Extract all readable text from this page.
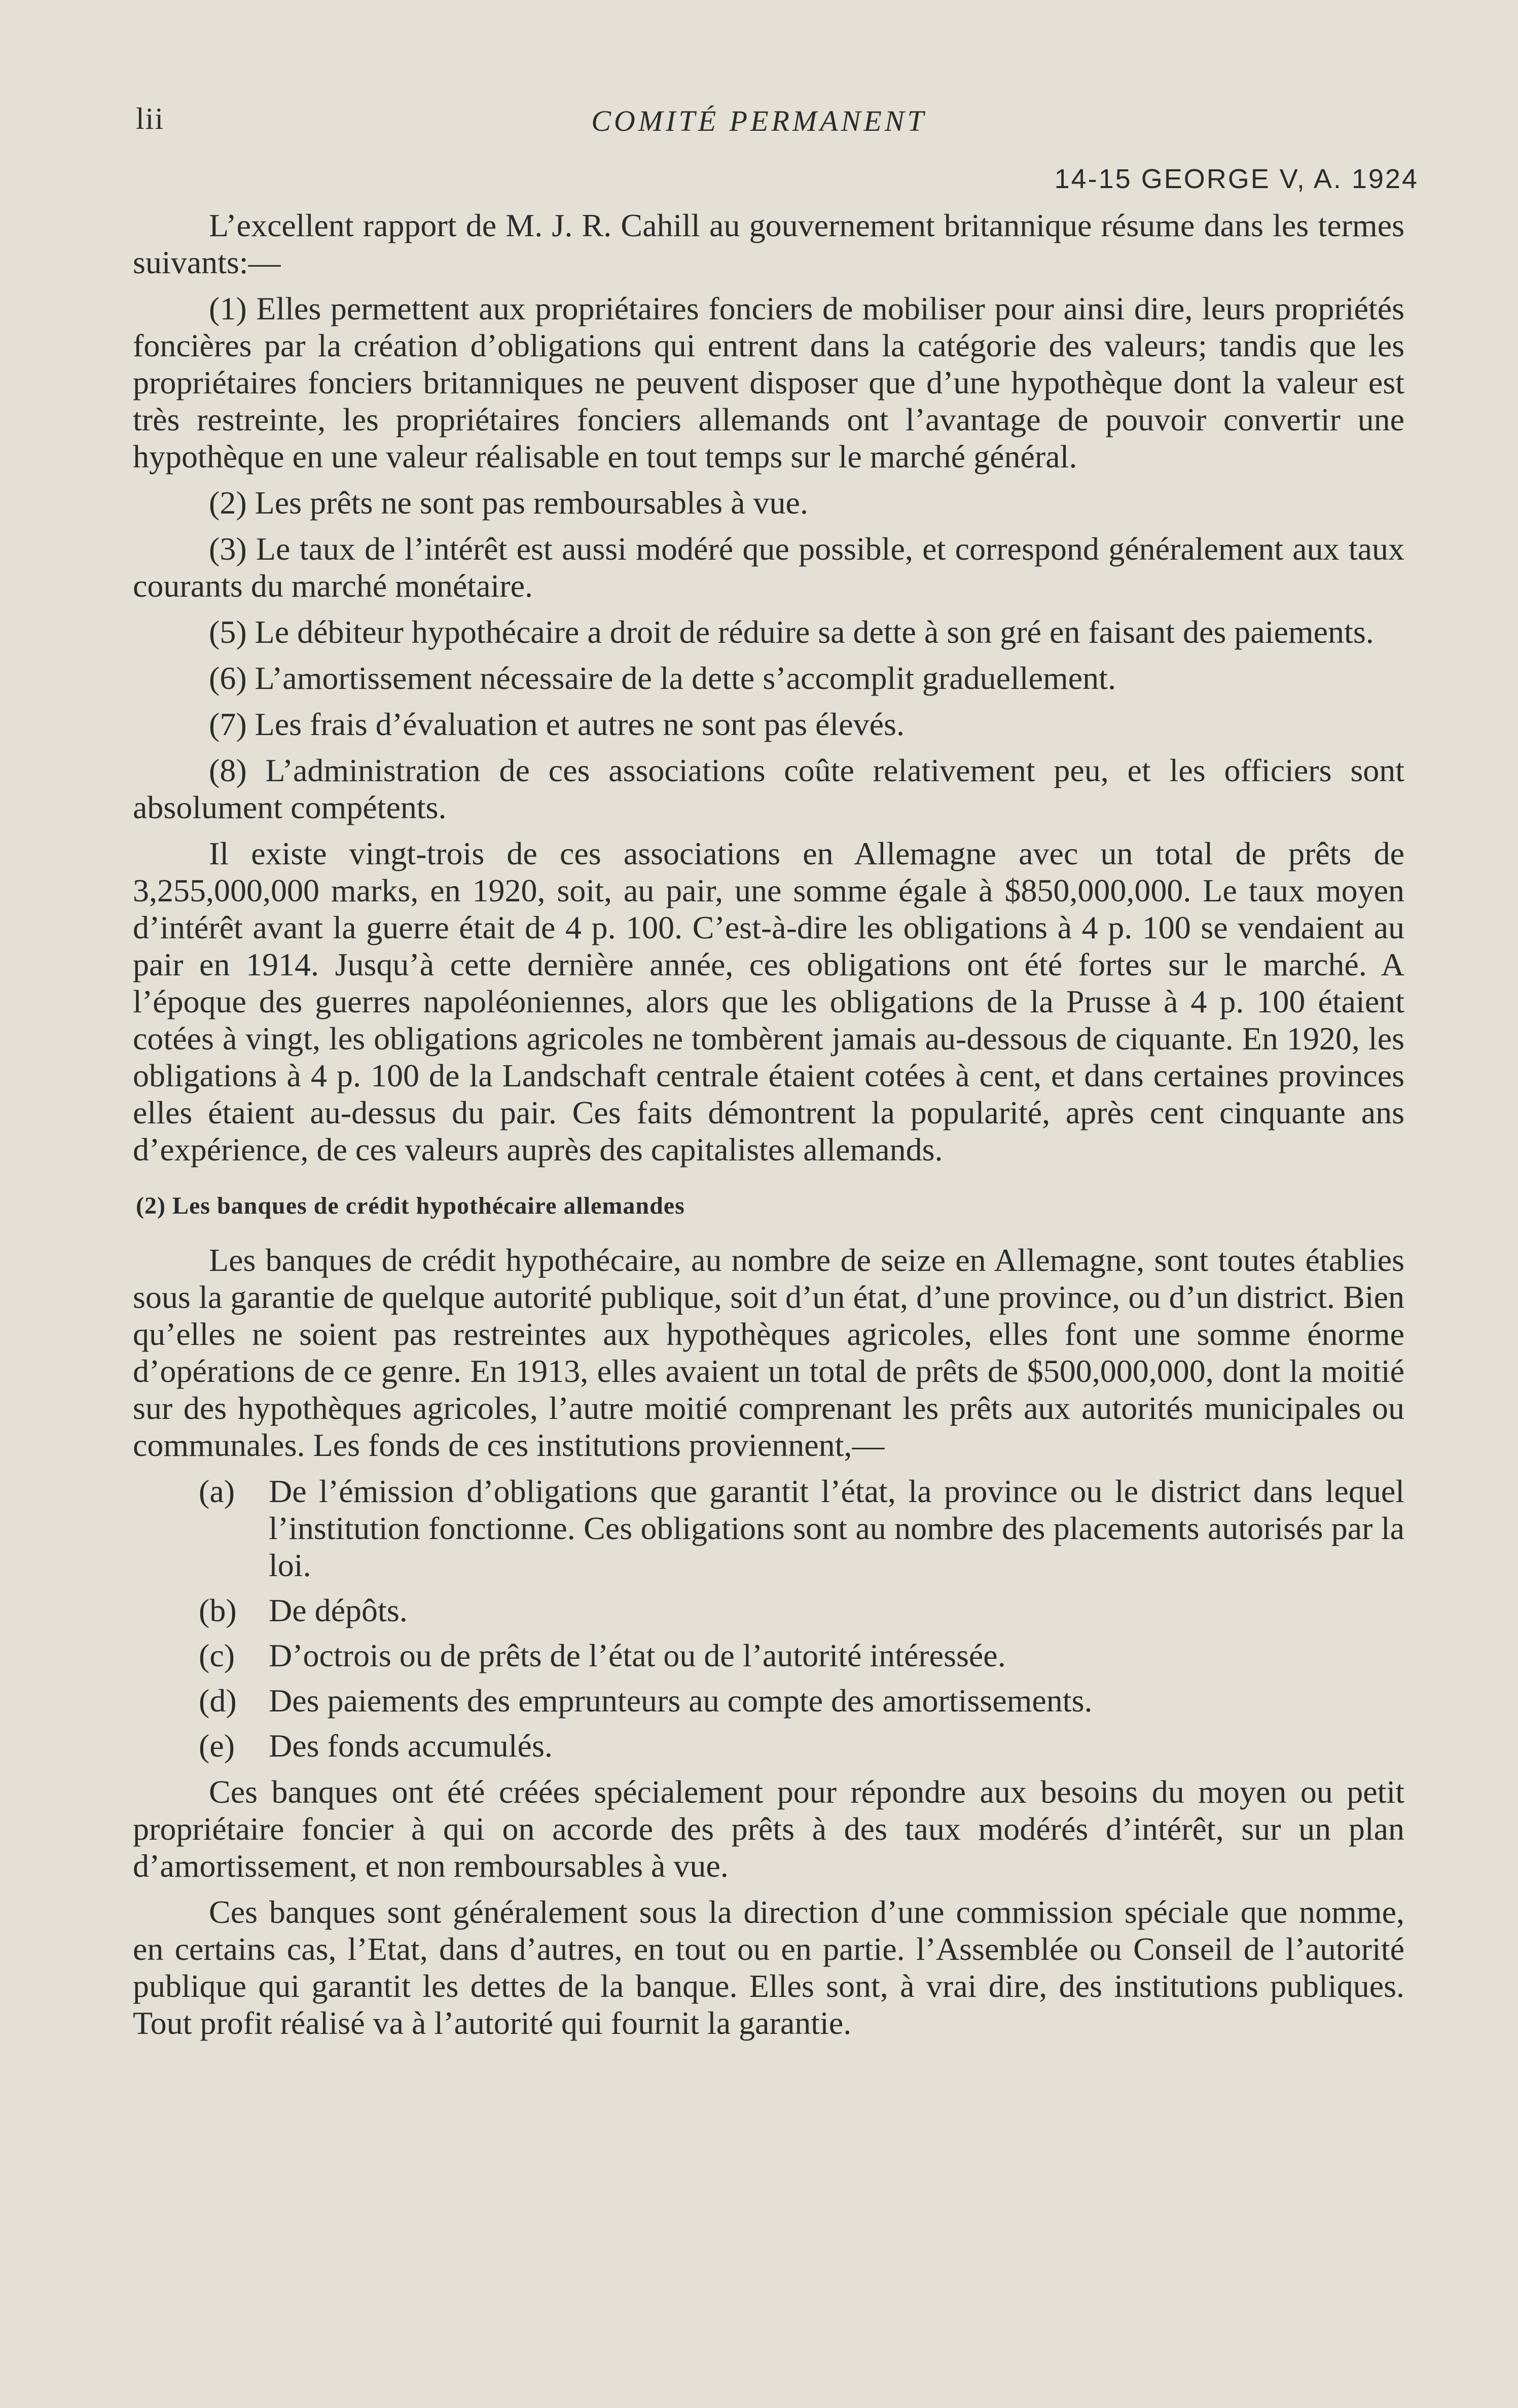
lii	COMITÉ PERMANENT
14-15 GEORGE V, A. 1924

L’excellent rapport de M. J. R. Cahill au gouvernement britannique résume dans les termes suivants:—

(1) Elles permettent aux propriétaires fonciers de mobiliser pour ainsi dire, leurs propriétés foncières par la création d’obligations qui entrent dans la catégorie des valeurs; tandis que les propriétaires fonciers britanniques ne peuvent disposer que d’une hypothèque dont la valeur est très restreinte, les propriétaires fonciers allemands ont l’avantage de pouvoir convertir une hypothèque en une valeur réalisable en tout temps sur le marché général.

(2) Les prêts ne sont pas remboursables à vue.

(3) Le taux de l’intérêt est aussi modéré que possible, et correspond généralement aux taux courants du marché monétaire.

(5) Le débiteur hypothécaire a droit de réduire sa dette à son gré en faisant des paiements.

(6) L’amortissement nécessaire de la dette s’accomplit graduellement.

(7) Les frais d’évaluation et autres ne sont pas élevés.

(8) L’administration de ces associations coûte relativement peu, et les officiers sont absolument compétents.

Il existe vingt-trois de ces associations en Allemagne avec un total de prêts de 3,255,000,000 marks, en 1920, soit, au pair, une somme égale à $850,000,000. Le taux moyen d’intérêt avant la guerre était de 4 p. 100. C’est-à-dire les obligations à 4 p. 100 se vendaient au pair en 1914. Jusqu’à cette dernière année, ces obligations ont été fortes sur le marché. A l’époque des guerres napoléoniennes, alors que les obligations de la Prusse à 4 p. 100 étaient cotées à vingt, les obligations agricoles ne tombèrent jamais au-dessous de ciquante. En 1920, les obligations à 4 p. 100 de la Landschaft centrale étaient cotées à cent, et dans certaines provinces elles étaient au-dessus du pair. Ces faits démontrent la popularité, après cent cinquante ans d’expérience, de ces valeurs auprès des capitalistes allemands.

(2) Les banques de crédit hypothécaire allemandes

Les banques de crédit hypothécaire, au nombre de seize en Allemagne, sont toutes établies sous la garantie de quelque autorité publique, soit d’un état, d’une province, ou d’un district. Bien qu’elles ne soient pas restreintes aux hypothèques agricoles, elles font une somme énorme d’opérations de ce genre. En 1913, elles avaient un total de prêts de $500,000,000, dont la moitié sur des hypothèques agricoles, l’autre moitié comprenant les prêts aux autorités municipales ou communales. Les fonds de ces institutions proviennent,—

(a) De l’émission d’obligations que garantit l’état, la province ou le district dans lequel l’institution fonctionne. Ces obligations sont au nombre des placements autorisés par la loi.
(b) De dépôts.
(c) D’octrois ou de prêts de l’état ou de l’autorité intéressée.
(d) Des paiements des emprunteurs au compte des amortissements.
(e) Des fonds accumulés.

Ces banques ont été créées spécialement pour répondre aux besoins du moyen ou petit propriétaire foncier à qui on accorde des prêts à des taux modérés d’intérêt, sur un plan d’amortissement, et non remboursables à vue.

Ces banques sont généralement sous la direction d’une commission spéciale que nomme, en certains cas, l’Etat, dans d’autres, en tout ou en partie. l’Assemblée ou Conseil de l’autorité publique qui garantit les dettes de la banque. Elles sont, à vrai dire, des institutions publiques. Tout profit réalisé va à l’autorité qui fournit la garantie.
